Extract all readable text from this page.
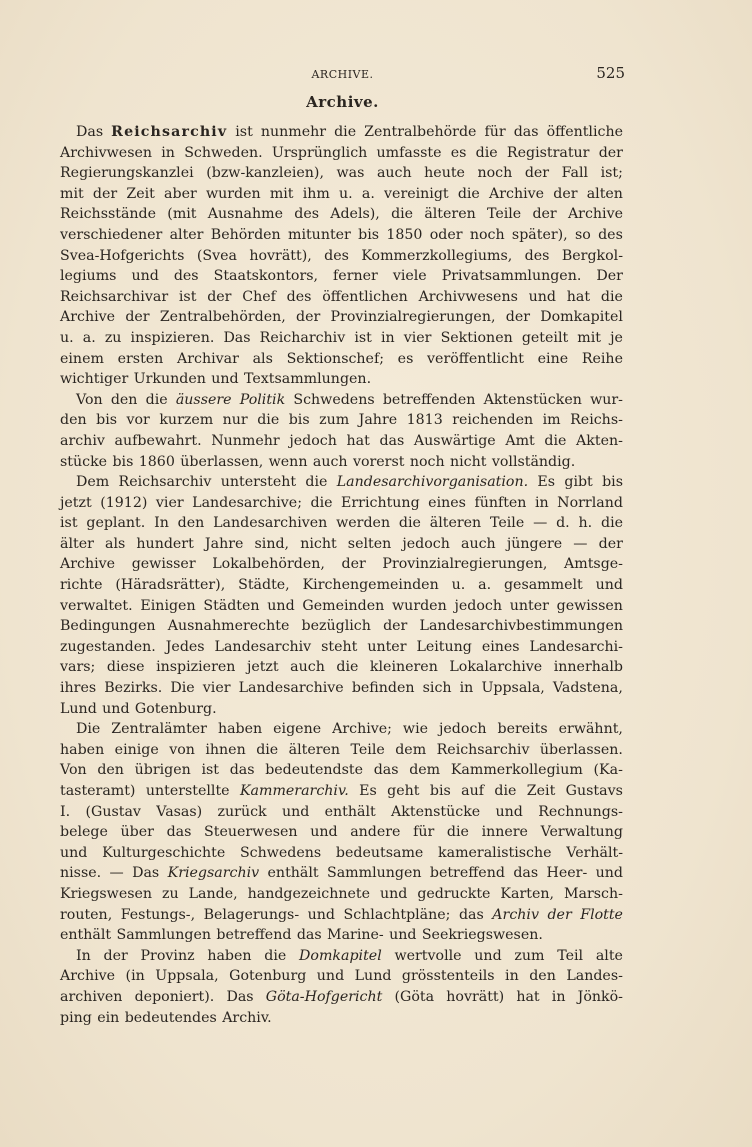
ARCHIVE.	525
Archive.
Das Reichsarchiv ist nunmehr die Zentralbehörde für das öffentliche
Archivwesen in Schweden. Ursprünglich umfasste es die Registratur der
Regierungskanzlei (bzw-kanzleien), was auch heute noch der Fall ist;
mit der Zeit aber wurden mit ihm u. a. vereinigt die Archive der alten
Reichsstände (mit Ausnahme des Adels), die älteren Teile der Archive
verschiedener alter Behörden mitunter bis 1850 oder noch später), so des
Svea-Hofgerichts (Svea hovrätt), des Kommerzkollegiums, des Bergkol-
legiums und des Staatskontors, ferner viele Privatsammlungen. Der
Reichsarchivar ist der Chef des öffentlichen Archivwesens und hat die
Archive der Zentralbehörden, der Provinzialregierungen, der Domkapitel
u. a. zu inspizieren. Das Reicharchiv ist in vier Sektionen geteilt mit je
einem ersten Archivar als Sektionschef; es veröffentlicht eine Reihe
wichtiger Urkunden und Textsammlungen.
Von den die äussere Politik Schwedens betreffenden Aktenstücken wur-
den bis vor kurzem nur die bis zum Jahre 1813 reichenden im Reichs-
archiv aufbewahrt. Nunmehr jedoch hat das Auswärtige Amt die Akten-
stücke bis 1860 überlassen, wenn auch vorerst noch nicht vollständig.
Dem Reichsarchiv untersteht die Landesarchivorganisation. Es gibt bis
jetzt (1912) vier Landesarchive; die Errichtung eines fünften in Norrland
ist geplant. In den Landesarchiven werden die älteren Teile — d. h. die
älter als hundert Jahre sind, nicht selten jedoch auch jüngere — der
Archive gewisser Lokalbehörden, der Provinzialregierungen, Amtsge-
richte (Häradsrätter), Städte, Kirchengemeinden u. a. gesammelt und
verwaltet. Einigen Städten und Gemeinden wurden jedoch unter gewissen
Bedingungen Ausnahmerechte bezüglich der Landesarchivbestimmungen
zugestanden. Jedes Landesarchiv steht unter Leitung eines Landesarchi-
vars; diese inspizieren jetzt auch die kleineren Lokalarchive innerhalb
ihres Bezirks. Die vier Landesarchive befinden sich in Uppsala, Vadstena,
Lund und Gotenburg.
Die Zentralämter haben eigene Archive; wie jedoch bereits erwähnt,
haben einige von ihnen die älteren Teile dem Reichsarchiv überlassen.
Von den übrigen ist das bedeutendste das dem Kammerkollegium (Ka-
tasteramt) unterstellte Kammerarchiv. Es geht bis auf die Zeit Gustavs
I. (Gustav Vasas) zurück und enthält Aktenstücke und Rechnungs-
belege über das Steuerwesen und andere für die innere Verwaltung
und Kulturgeschichte Schwedens bedeutsame kameralistische Verhält-
nisse. — Das Kriegsarchiv enthält Sammlungen betreffend das Heer- und
Kriegswesen zu Lande, handgezeichnete und gedruckte Karten, Marsch-
routen, Festungs-, Belagerungs- und Schlachtpläne; das Archiv der Flotte
enthält Sammlungen betreffend das Marine- und Seekriegswesen.
In der Provinz haben die Domkapitel wertvolle und zum Teil alte
Archive (in Uppsala, Gotenburg und Lund grösstenteils in den Landes-
archiven deponiert). Das Göta-Hofgericht (Göta hovrätt) hat in Jönkö-
ping ein bedeutendes Archiv.
